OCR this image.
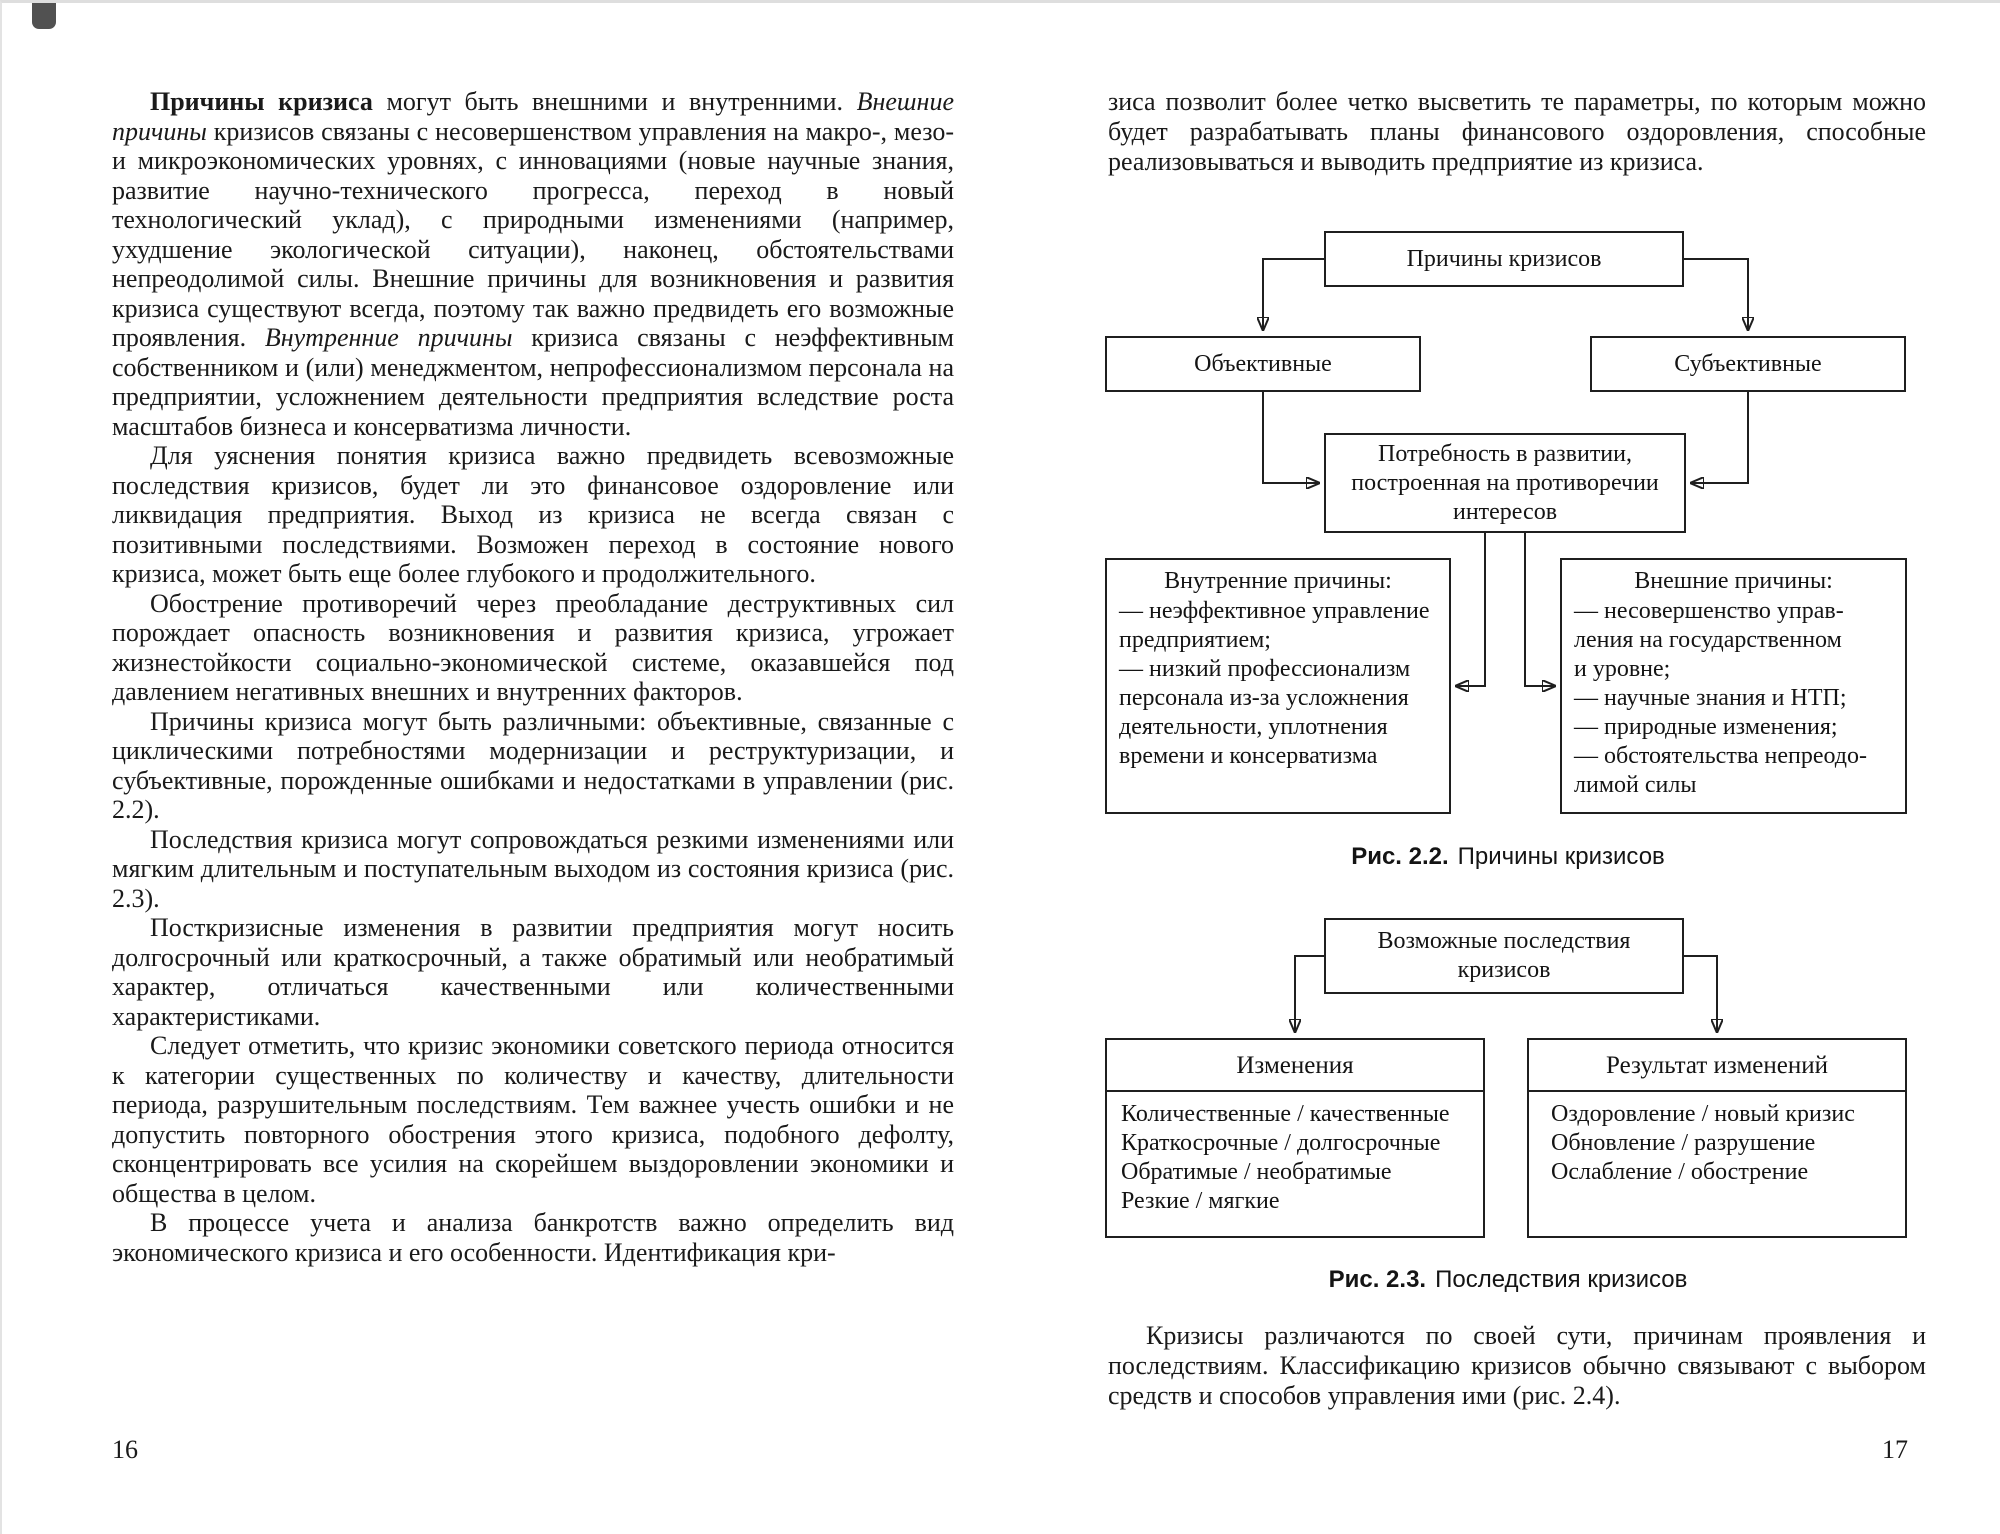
Причины кризиса могут быть внешними и внутренними. Внешние причины кризисов связаны с несовершенством управления на макро-, мезо- и микроэкономических уровнях, с инновациями (новые научные знания, развитие научно-технического прогресса, переход в новый технологический уклад), с природными изменениями (например, ухудшение экологической ситуации), наконец, обстоятельствами непреодолимой силы. Внешние причины для возникновения и развития кризиса существуют всегда, поэтому так важно предвидеть его возможные проявления. Внутренние причины кризиса связаны с неэффективным собственником и (или) менеджментом, непрофессионализмом персонала на предприятии, усложнением деятельности предприятия вследствие роста масштабов бизнеса и консерватизма личности.

Для уяснения понятия кризиса важно предвидеть всевозможные последствия кризисов, будет ли это финансовое оздоровление или ликвидация предприятия. Выход из кризиса не всегда связан с позитивными последствиями. Возможен переход в состояние нового кризиса, может быть еще более глубокого и продолжительного.

Обострение противоречий через преобладание деструктивных сил порождает опасность возникновения и развития кризиса, угрожает жизнестойкости социально-экономической системе, оказавшейся под давлением негативных внешних и внутренних факторов.

Причины кризиса могут быть различными: объективные, связанные с циклическими потребностями модернизации и реструктуризации, и субъективные, порожденные ошибками и недостатками в управлении (рис. 2.2).

Последствия кризиса могут сопровождаться резкими изменениями или мягким длительным и поступательным выходом из состояния кризиса (рис. 2.3).

Посткризисные изменения в развитии предприятия могут носить долгосрочный или краткосрочный, а также обратимый или необратимый характер, отличаться качественными или количественными характеристиками.

Следует отметить, что кризис экономики советского периода относится к категории существенных по количеству и качеству, длительности периода, разрушительным последствиям. Тем важнее учесть ошибки и не допустить повторного обострения этого кризиса, подобного дефолту, сконцентрировать все усилия на скорейшем выздоровлении экономики и общества в целом.

В процессе учета и анализа банкротств важно определить вид экономического кризиса и его особенности. Идентификация кри-

16

зиса позволит более четко высветить те параметры, по которым можно будет разрабатывать планы финансового оздоровления, способные реализовываться и выводить предприятие из кризиса.

Причины кризисов
Объективные	Субъективные
Потребность в развитии,
построенная на противоречии
интересов
Внутренние причины:
— неэффективное управление
предприятием;
— низкий профессионализм
персонала из-за усложнения
деятельности, уплотнения
времени и консерватизма
Внешние причины:
— несовершенство управ-
ления на государственном
и уровне;
— научные знания и НТП;
— природные изменения;
— обстоятельства непреодо-
лимой силы
Рис. 2.2. Причины кризисов
Возможные последствия
кризисов
Изменения
Количественные / качественные
Краткосрочные / долгосрочные
Обратимые / необратимые
Резкие / мягкие
Результат изменений
Оздоровление / новый кризис
Обновление / разрушение
Ослабление / обострение
Рис. 2.3. Последствия кризисов

Кризисы различаются по своей сути, причинам проявления и последствиям. Классификацию кризисов обычно связывают с выбором средств и способов управления ими (рис. 2.4).

17
